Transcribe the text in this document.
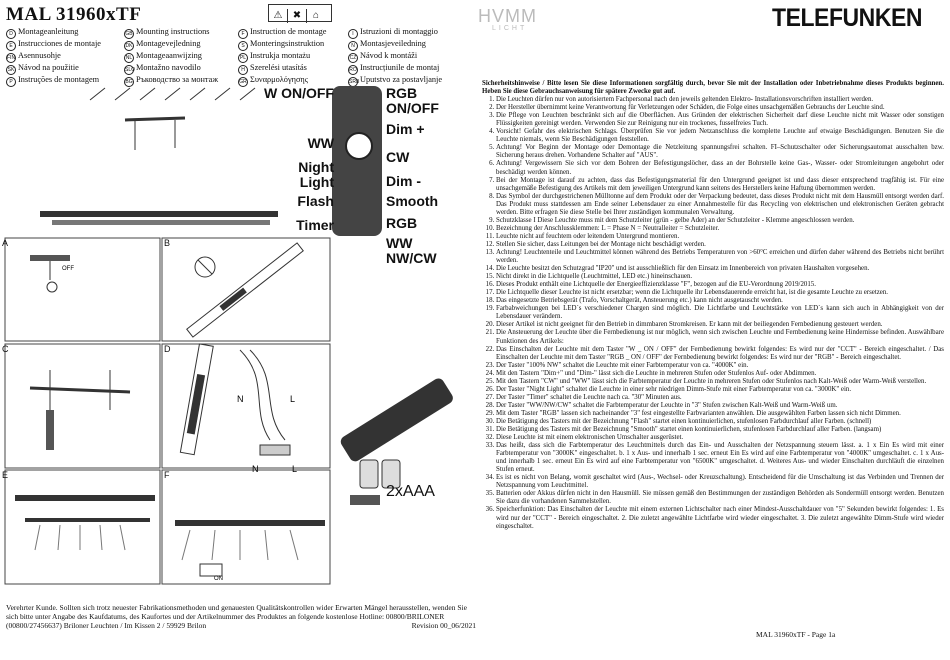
MAL 31960xTF	⚠ ✖ ⌂	HVMM
LICHT	TELEFUNKEN
D Montageanleitung
E Instrucciones de montaje
FIN Asennusohje
SK Návod na použitie
P Instruções de montagem
GB Mounting instructions
DK Montagevejledning
NL Montageaanwijzing
SLOMontažno navodilo
BG Ръководство за монтаж
F Instruction de montage
S Monteringsinstruktion
PL Instrukja montażu
H Szerelési utasítás
GR Συναρμολόγησης
I Istruzioni di montaggio
N Montasjeveiledning
CZ Návod k montáži
RO Instrucțiunile de montaj
SRBUputstvo za postavljanje
N	L
N	L
ON
OFF
A	B
C	D
E	F
W ON/OFF
WW
Night Light
Flash
Timer
RGB ON/OFF
Dim +
CW
Dim -
Smooth
RGB
WW NW/CW
2xAAA
Sicherheitshinweise / Bitte lesen Sie diese Informationen sorgfältig durch, bevor Sie mit der Installation oder Inbetriebnahme dieses Produkts beginnen. Heben Sie diese Gebrauchsanweisung für spätere Zwecke gut auf.
1. Die Leuchten dürfen nur von autorisiertem Fachpersonal nach den jeweils geltenden Elektro- Installationsvorschriften installiert werden.
2. Der Hersteller übernimmt keine Verantwortung für Verletzungen oder Schäden, die Folge eines unsachgemäßen Gebrauchs der Leuchte sind.
3. Die Pflege von Leuchten beschränkt sich auf die Oberflächen. Aus Gründen der elektrischen Sicherheit darf diese Leuchte nicht mit Wasser oder sonstigen Flüssigkeiten gereinigt werden. Verwenden Sie zur Reinigung nur ein trockenes, fusselfreies Tuch.
4. Vorsicht! Gefahr des elektrischen Schlags. Überprüfen Sie vor jedem Netzanschluss die komplette Leuchte auf etwaige Beschädigungen. Benutzen Sie die Leuchte niemals, wenn Sie Beschädigungen feststellen.
5. Achtung! Vor Beginn der Montage oder Demontage die Netzleitung spannungsfrei schalten. FI–Schutzschalter oder Sicherungsautomat ausschalten bzw. Sicherung heraus drehen. Vorhandene Schalter auf "AUS".
6. Achtung! Vergewissern Sie sich vor dem Bohren der Befestigungslöcher, dass an der Bohrstelle keine Gas-, Wasser- oder Stromleitungen angebohrt oder beschädigt werden können.
7. Bei der Montage ist darauf zu achten, dass das Befestigungsmaterial für den Untergrund geeignet ist und dass dieser entsprechend tragfähig ist. Für eine unsachgemäße Befestigung des Artikels mit dem jeweiligen Untergrund kann seitens des Herstellers keine Haftung übernommen werden.
8. Das Symbol der durchgestrichenen Mülltonne auf dem Produkt oder der Verpackung bedeutet, dass dieses Produkt nicht mit dem Hausmüll entsorgt werden darf. Das Produkt muss stattdessen am Ende seiner Lebensdauer zu einer Annahmestelle für das Recycling von elektrischen und elektronischen Geräten gebracht werden. Bitte erfragen Sie diese Stelle bei Ihrer zuständigen kommunalen Verwaltung.
9. Schutzklasse I Diese Leuchte muss mit dem Schutzleiter (grün - gelbe Ader) an der Schutzleiter - Klemme angeschlossen werden.
10. Bezeichnung der Anschlussklemmen: L = Phase N = Neutralleiter = Schutzleiter.
11. Leuchte nicht auf feuchtem oder leitendem Untergrund montieren.
12. Stellen Sie sicher, dass Leitungen bei der Montage nicht beschädigt werden.
13. Achtung! Leuchtenteile und Leuchtmittel können während des Betriebs Temperaturen von >60°C erreichen und dürfen daher während des Betriebs nicht berührt werden.
14. Die Leuchte besitzt den Schutzgrad "IP20" und ist ausschließlich für den Einsatz im Innenbereich von privaten Haushalten vorgesehen.
15. Nicht direkt in die Lichtquelle (Leuchtmittel, LED etc.) hineinschauen.
16. Dieses Produkt enthält eine Lichtquelle der Energieeffizienzklasse "F", bezogen auf die EU-Verordnung 2019/2015.
17. Die Lichtquelle dieser Leuchte ist nicht ersetzbar; wenn die Lichtquelle ihr Lebensdauerende erreicht hat, ist die gesamte Leuchte zu ersetzen.
18. Das eingesetzte Betriebsgerät (Trafo, Vorschaltgerät, Ansteuerung etc.) kann nicht ausgetauscht werden.
19. Farbabweichungen bei LED´s verschiedener Chargen sind möglich. Die Lichtfarbe und Leuchtstärke von LED´s kann sich auch in Abhängigkeit von der Lebensdauer verändern.
20. Dieser Artikel ist nicht geeignet für den Betrieb in dimmbaren Stromkreisen. Er kann mit der beiliegenden Fernbedienung gesteuert werden.
21. Die Ansteuerung der Leuchte über die Fernbedienung ist nur möglich, wenn sich zwischen Leuchte und Fernbedienung keine Hindernisse befinden. Auswählbare Funktionen des Artikels:
22. Das Einschalten der Leuchte mit dem Taster "W _ ON / OFF" der Fernbedienung bewirkt folgendes: Es wird nur der "CCT" - Bereich eingeschaltet. / Das Einschalten der Leuchte mit dem Taster "RGB _ ON / OFF" der Fernbedienung bewirkt folgendes: Es wird nur der "RGB" - Bereich eingeschaltet.
23. Der Taster "100% NW" schaltet die Leuchte mit einer Farbtemperatur von ca. "4000K" ein.
24. Mit den Tastern "Dim+" und "Dim-" lässt sich die Leuchte in mehreren Stufen oder Stufenlos Auf- oder Abdimmen.
25. Mit den Tastern "CW" und "WW" lässt sich die Farbtemperatur der Leuchte in mehreren Stufen oder Stufenlos nach Kalt-Weiß oder Warm-Weiß verstellen.
26. Der Taster "Night Light" schaltet die Leuchte in einer sehr niedrigen Dimm-Stufe mit einer Farbtemperatur von ca. "3000K" ein.
27. Der Taster "Timer" schaltet die Leuchte nach ca. "30" Minuten aus.
28. Der Taster "WW/NW/CW" schaltet die Farbtemperatur der Leuchte in "3" Stufen zwischen Kalt-Weiß und Warm-Weiß um.
29. Mit dem Taster "RGB" lassen sich nacheinander "3" fest eingestellte Farbvarianten anwählen. Die ausgewählten Farben lassen sich nicht Dimmen.
30. Die Betätigung des Tasters mit der Bezeichnung "Flash" startet einen kontinuierlichen, stufenlosen Farbdurchlauf aller Farben. (schnell)
31. Die Betätigung des Tasters mit der Bezeichnung "Smooth" startet einen kontinuierlichen, stufenlosen Farbdurchlauf aller Farben. (langsam)
32. Diese Leuchte ist mit einem elektronischen Umschalter ausgerüstet.
33. Das heißt, dass sich die Farbtemperatur des Leuchtmittels durch das Ein- und Ausschalten der Netzspannung steuern lässt. a. 1 x Ein Es wird mit einer Farbtemperatur von "3000K" eingeschaltet. b. 1 x Aus- und innerhalb 1 sec. erneut Ein Es wird auf eine Farbtemperatur von "4000K" umgeschaltet. c. 1 x Aus- und innerhalb 1 sec. erneut Ein Es wird auf eine Farbtemperatur von "6500K" umgeschaltet. d. Weiteres Aus- und wieder Einschalten durchläuft die einzelnen Stufen erneut.
34. Es ist es nicht von Belang, womit geschaltet wird (Aus-, Wechsel- oder Kreuzschaltung). Entscheidend für die Umschaltung ist das Verbinden und Trennen der Netzspannung vom Leuchtmittel.
35. Batterien oder Akkus dürfen nicht in den Hausmüll. Sie müssen gemäß den Bestimmungen der zuständigen Behörden als Sondermüll entsorgt werden. Benutzen Sie dazu die vorhandenen Sammelstellen.
36. Speicherfunktion: Das Einschalten der Leuchte mit einem externen Lichtschalter nach einer Mindest-Ausschaltdauer von "5" Sekunden bewirkt folgendes: 1. Es wird nur der "CCT" - Bereich eingeschaltet. 2. Die zuletzt angewählte Lichtfarbe wird wieder eingeschaltet. 3. Die zuletzt angewählte Dimm-Stufe wird wieder eingeschaltet.
Verehrter Kunde. Sollten sich trotz neuester Fabrikationsmethoden und genauesten Qualitätskontrollen wider Erwarten Mängel herausstellen, wenden Sie sich bitte unter Angabe des Kaufdatums, des Kaufortes und der Artikelnummer des Produktes an folgende kostenlose Hotline: 00800/BRILONER (00800/27456637) Briloner Leuchten / Im Kissen 2 / 59929 Brilon	Revision 00_06/2021
MAL 31960xTF - Page 1a
